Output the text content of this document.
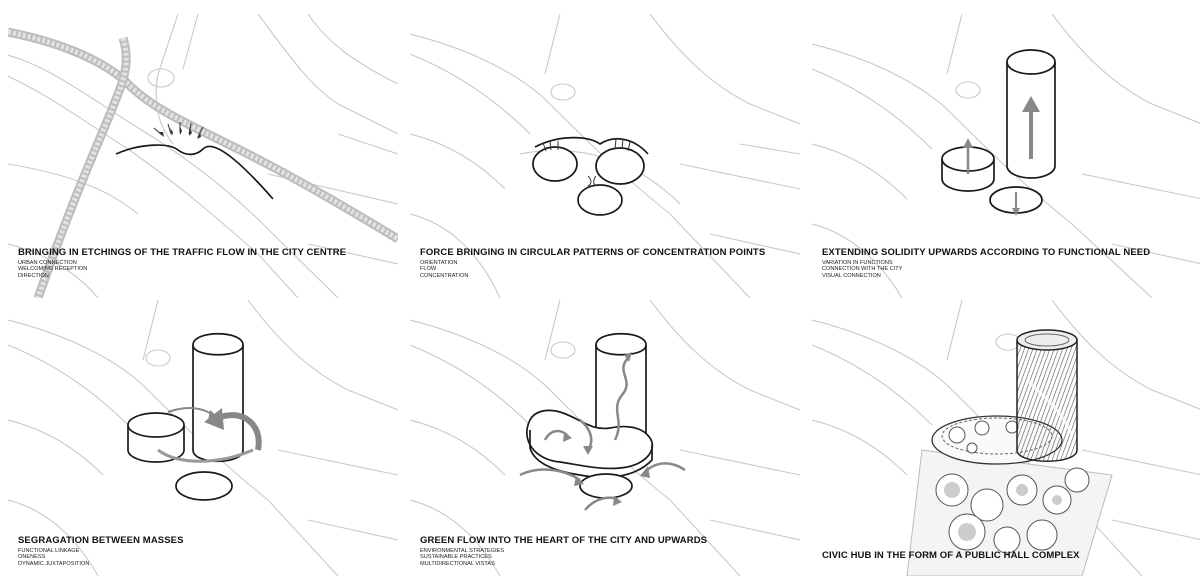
BRINGING IN ETCHINGS OF THE TRAFFIC FLOW IN THE CITY CENTRE
URBAN CONNECTION
WELCOMING RECEPTION
DIRECTION
FORCE BRINGING IN CIRCULAR PATTERNS OF CONCENTRATION POINTS
ORIENTATION
FLOW
CONCENTRATION
EXTENDING SOLIDITY UPWARDS ACCORDING TO FUNCTIONAL NEED
VARIATION IN FUNCTIONS
CONNECTION WITH THE CITY
VISUAL CONNECTION
SEGRAGATION BETWEEN MASSES
FUNCTIONAL LINKAGE
ONENESS
DYNAMIC JUXTAPOSITION
GREEN FLOW INTO THE HEART OF THE CITY AND UPWARDS
ENVIRONMENTAL STRATEGIES
SUSTAINABLE PRACTICES
MULTIDIRECTIONAL VISTAS
CIVIC HUB IN THE FORM OF A PUBLIC HALL COMPLEX
